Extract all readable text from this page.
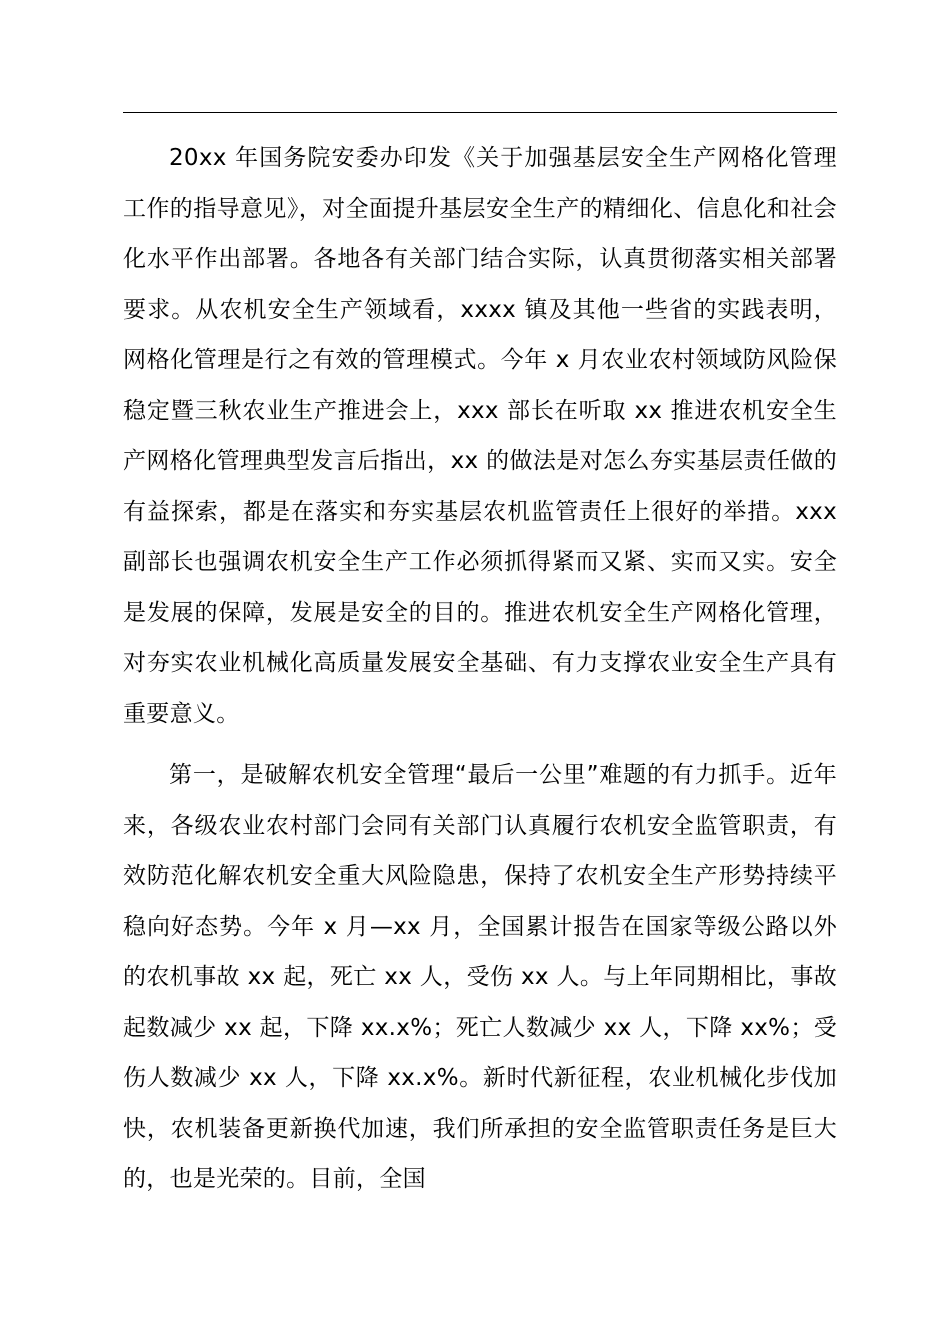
20xx 年国务院安委办印发《关于加强基层安全生产网格化管理工作的指导意见》，对全面提升基层安全生产的精细化、信息化和社会化水平作出部署。各地各有关部门结合实际，认真贯彻落实相关部署要求。从农机安全生产领域看，xxxx 镇及其他一些省的实践表明，网格化管理是行之有效的管理模式。今年 x 月农业农村领域防风险保稳定暨三秋农业生产推进会上，xxx 部长在听取 xx 推进农机安全生产网格化管理典型发言后指出，xx 的做法是对怎么夯实基层责任做的有益探索，都是在落实和夯实基层农机监管责任上很好的举措。xxx 副部长也强调农机安全生产工作必须抓得紧而又紧、实而又实。安全是发展的保障，发展是安全的目的。推进农机安全生产网格化管理，对夯实农业机械化高质量发展安全基础、有力支撑农业安全生产具有重要意义。

第一，是破解农机安全管理“最后一公里”难题的有力抓手。近年来，各级农业农村部门会同有关部门认真履行农机安全监管职责，有效防范化解农机安全重大风险隐患，保持了农机安全生产形势持续平稳向好态势。今年 x 月—xx 月，全国累计报告在国家等级公路以外的农机事故 xx 起，死亡 xx 人，受伤 xx 人。与上年同期相比，事故起数减少 xx 起，下降 xx.x%；死亡人数减少 xx 人，下降 xx%；受伤人数减少 xx 人，下降 xx.x%。新时代新征程，农业机械化步伐加快，农机装备更新换代加速，我们所承担的安全监管职责任务是巨大的，也是光荣的。目前，全国
